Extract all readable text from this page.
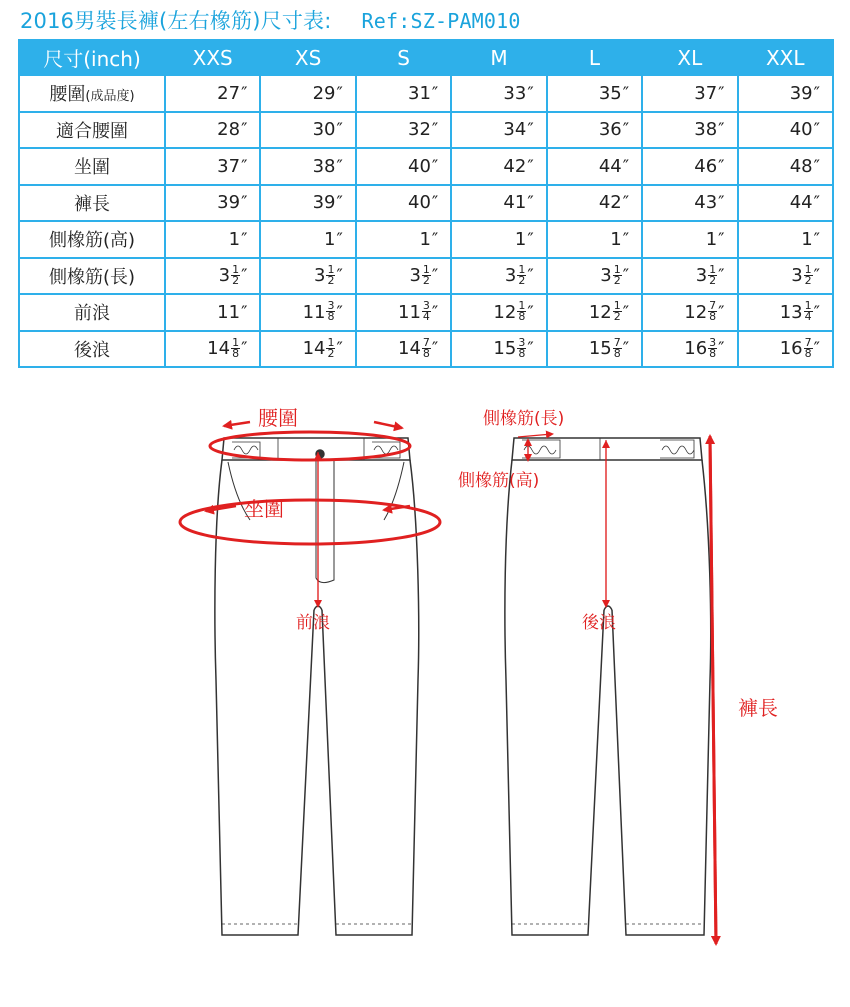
2016男裝長褲(左右橡筋)尺寸表: Ref:SZ-PAM010
尺寸(inch)	XXS	XS	S	M	L	XL	XXL
腰圍(成品度)	27″	29″	31″	33″	35″	37″	39″
適合腰圍	28″	30″	32″	34″	36″	38″	40″
坐圍	37″	38″	40″	42″	44″	46″	48″
褲長	39″	39″	40″	41″	42″	43″	44″
側橡筋(高)	1″	1″	1″	1″	1″	1″	1″
側橡筋(長)	$3 \frac{1}{2}$ ″	$3 \frac{1}{2}$ ″	$3 \frac{1}{2}$ ″	$3 \frac{1}{2}$ ″	$3 \frac{1}{2}$ ″	$3 \frac{1}{2}$ ″	$3 \frac{1}{2}$ ″
前浪	11″	$11 \frac{3}{8}$ ″	$11 \frac{3}{4}$ ″	$12 \frac{1}{8}$ ″	$12 \frac{1}{2}$ ″	$12 \frac{7}{8}$ ″	$13 \frac{1}{4}$ ″
後浪	$14 \frac{1}{8}$ ″	$14 \frac{1}{2}$ ″	$14 \frac{7}{8}$ ″	$15 \frac{3}{8}$ ″	$15 \frac{7}{8}$ ″	$16 \frac{3}{8}$ ″	$16 \frac{7}{8}$ ″
腰圍
坐圍
前浪
側橡筋(長)
側橡筋(高)
後浪
褲長
